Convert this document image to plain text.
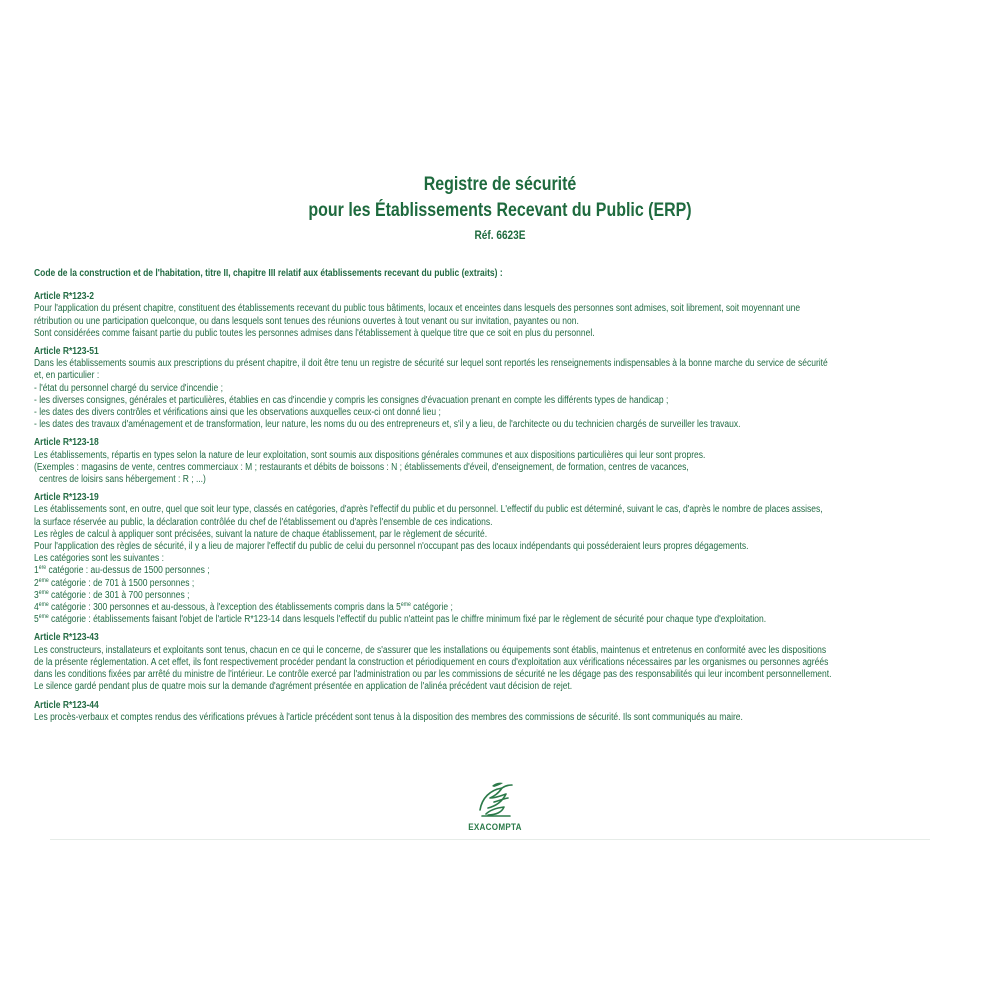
Registre de sécurité
pour les Établissements Recevant du Public (ERP)
Réf. 6623E
Code de la construction et de l'habitation, titre II, chapitre III relatif aux établissements recevant du public (extraits) :
Article R*123-2
Pour l'application du présent chapitre, constituent des établissements recevant du public tous bâtiments, locaux et enceintes dans lesquels des personnes sont admises, soit librement, soit moyennant une
rétribution ou une participation quelconque, ou dans lesquels sont tenues des réunions ouvertes à tout venant ou sur invitation, payantes ou non.
Sont considérées comme faisant partie du public toutes les personnes admises dans l'établissement à quelque titre que ce soit en plus du personnel.
Article R*123-51
Dans les établissements soumis aux prescriptions du présent chapitre, il doit être tenu un registre de sécurité sur lequel sont reportés les renseignements indispensables à la bonne marche du service de sécurité
et, en particulier :
- l'état du personnel chargé du service d'incendie ;
- les diverses consignes, générales et particulières, établies en cas d'incendie y compris les consignes d'évacuation prenant en compte les différents types de handicap ;
- les dates des divers contrôles et vérifications ainsi que les observations auxquelles ceux-ci ont donné lieu ;
- les dates des travaux d'aménagement et de transformation, leur nature, les noms du ou des entrepreneurs et, s'il y a lieu, de l'architecte ou du technicien chargés de surveiller les travaux.
Article R*123-18
Les établissements, répartis en types selon la nature de leur exploitation, sont soumis aux dispositions générales communes et aux dispositions particulières qui leur sont propres.
(Exemples : magasins de vente, centres commerciaux : M ; restaurants et débits de boissons : N ; établissements d'éveil, d'enseignement, de formation, centres de vacances,
centres de loisirs sans hébergement : R ; ...)
Article R*123-19
Les établissements sont, en outre, quel que soit leur type, classés en catégories, d'après l'effectif du public et du personnel. L'effectif du public est déterminé, suivant le cas, d'après le nombre de places assises,
la surface réservée au public, la déclaration contrôlée du chef de l'établissement ou d'après l'ensemble de ces indications.
Les règles de calcul à appliquer sont précisées, suivant la nature de chaque établissement, par le règlement de sécurité.
Pour l'application des règles de sécurité, il y a lieu de majorer l'effectif du public de celui du personnel n'occupant pas des locaux indépendants qui posséderaient leurs propres dégagements.
Les catégories sont les suivantes :
1ère catégorie : au-dessus de 1500 personnes ;
2ème catégorie : de 701 à 1500 personnes ;
3ème catégorie : de 301 à 700 personnes ;
4ème catégorie : 300 personnes et au-dessous, à l'exception des établissements compris dans la 5ème catégorie ;
5ème catégorie : établissements faisant l'objet de l'article R*123-14 dans lesquels l'effectif du public n'atteint pas le chiffre minimum fixé par le règlement de sécurité pour chaque type d'exploitation.
Article R*123-43
Les constructeurs, installateurs et exploitants sont tenus, chacun en ce qui le concerne, de s'assurer que les installations ou équipements sont établis, maintenus et entretenus en conformité avec les dispositions
de la présente réglementation. A cet effet, ils font respectivement procéder pendant la construction et périodiquement en cours d'exploitation aux vérifications nécessaires par les organismes ou personnes agréés
dans les conditions fixées par arrêté du ministre de l'intérieur. Le contrôle exercé par l'administration ou par les commissions de sécurité ne les dégage pas des responsabilités qui leur incombent personnellement.
Le silence gardé pendant plus de quatre mois sur la demande d'agrément présentée en application de l'alinéa précédent vaut décision de rejet.
Article R*123-44
Les procès-verbaux et comptes rendus des vérifications prévues à l'article précédent sont tenus à la disposition des membres des commissions de sécurité. Ils sont communiqués au maire.
EXACOMPTA
